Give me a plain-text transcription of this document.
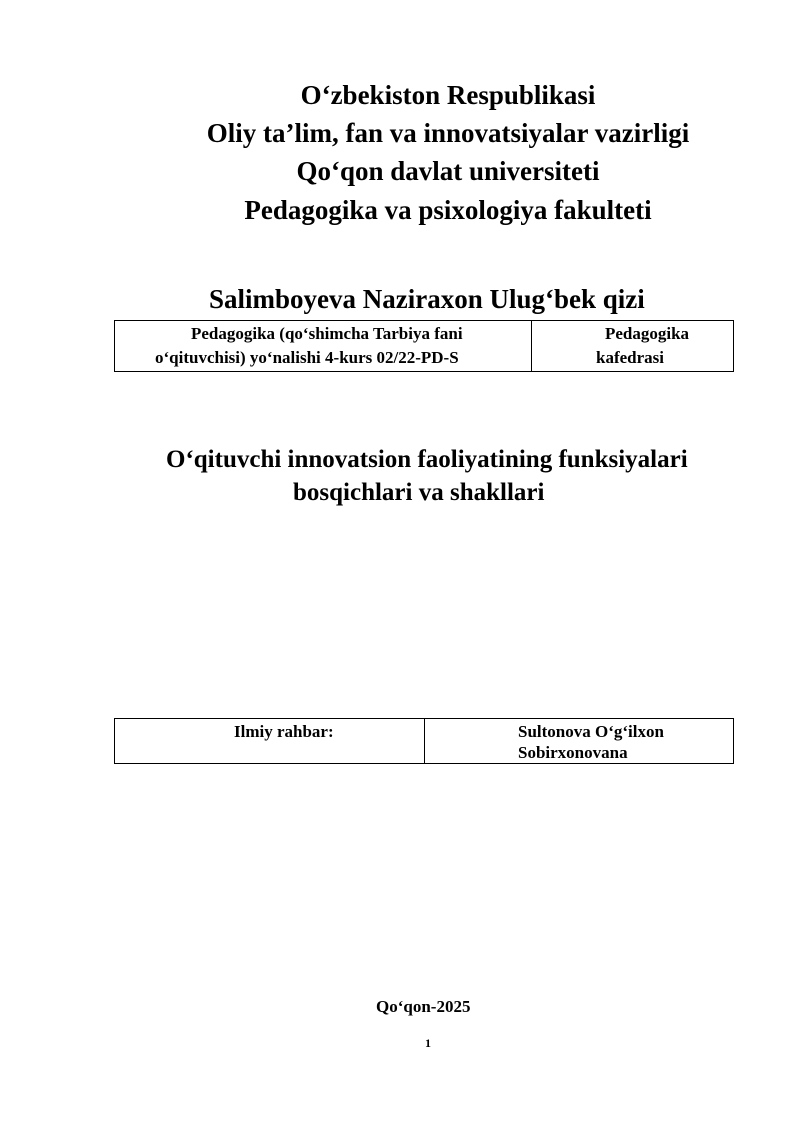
O‘zbekiston Respublikasi
Oliy ta’lim, fan va innovatsiyalar vazirligi
Qo‘qon davlat universiteti
Pedagogika va psixologiya fakulteti
Salimboyeva Naziraxon Ulug‘bek qizi
Pedagogika (qo‘shimcha Tarbiya fani
o‘qituvchisi) yo‘nalishi 4-kurs 02/22-PD-S
Pedagogika
kafedrasi
O‘qituvchi innovatsion faoliyatining funksiyalari
bosqichlari va shakllari
Ilmiy rahbar:	Sultonova O‘g‘ilxon
Sobirxonovana
Qo‘qon-2025
1
